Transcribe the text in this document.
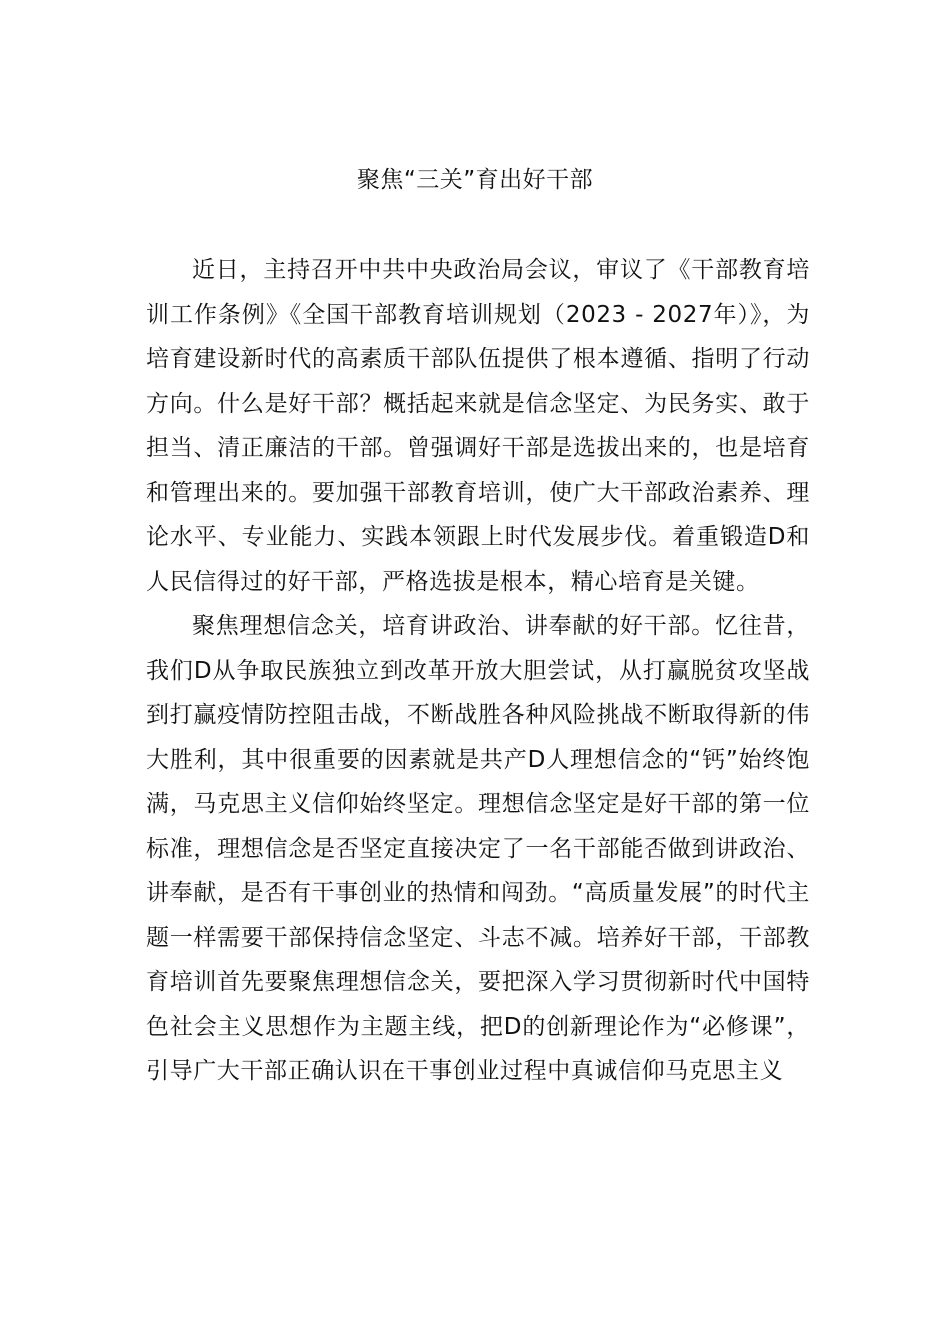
聚焦“三关”育出好干部

近日，主持召开中共中央政治局会议，审议了《干部教育培训工作条例》《全国干部教育培训规划（2023 - 2027年）》，为培育建设新时代的高素质干部队伍提供了根本遵循、指明了行动方向。什么是好干部？概括起来就是信念坚定、为民务实、敢于担当、清正廉洁的干部。曾强调好干部是选拔出来的，也是培育和管理出来的。要加强干部教育培训，使广大干部政治素养、理论水平、专业能力、实践本领跟上时代发展步伐。着重锻造D和人民信得过的好干部，严格选拔是根本，精心培育是关键。

聚焦理想信念关，培育讲政治、讲奉献的好干部。忆往昔，我们D从争取民族独立到改革开放大胆尝试，从打赢脱贫攻坚战到打赢疫情防控阻击战，不断战胜各种风险挑战不断取得新的伟大胜利，其中很重要的因素就是共产D人理想信念的“钙”始终饱满，马克思主义信仰始终坚定。理想信念坚定是好干部的第一位标准，理想信念是否坚定直接决定了一名干部能否做到讲政治、讲奉献，是否有干事创业的热情和闯劲。“高质量发展”的时代主题一样需要干部保持信念坚定、斗志不减。培养好干部，干部教育培训首先要聚焦理想信念关，要把深入学习贯彻新时代中国特色社会主义思想作为主题主线，把D的创新理论作为“必修课”，引导广大干部正确认识在干事创业过程中真诚信仰马克思主义
